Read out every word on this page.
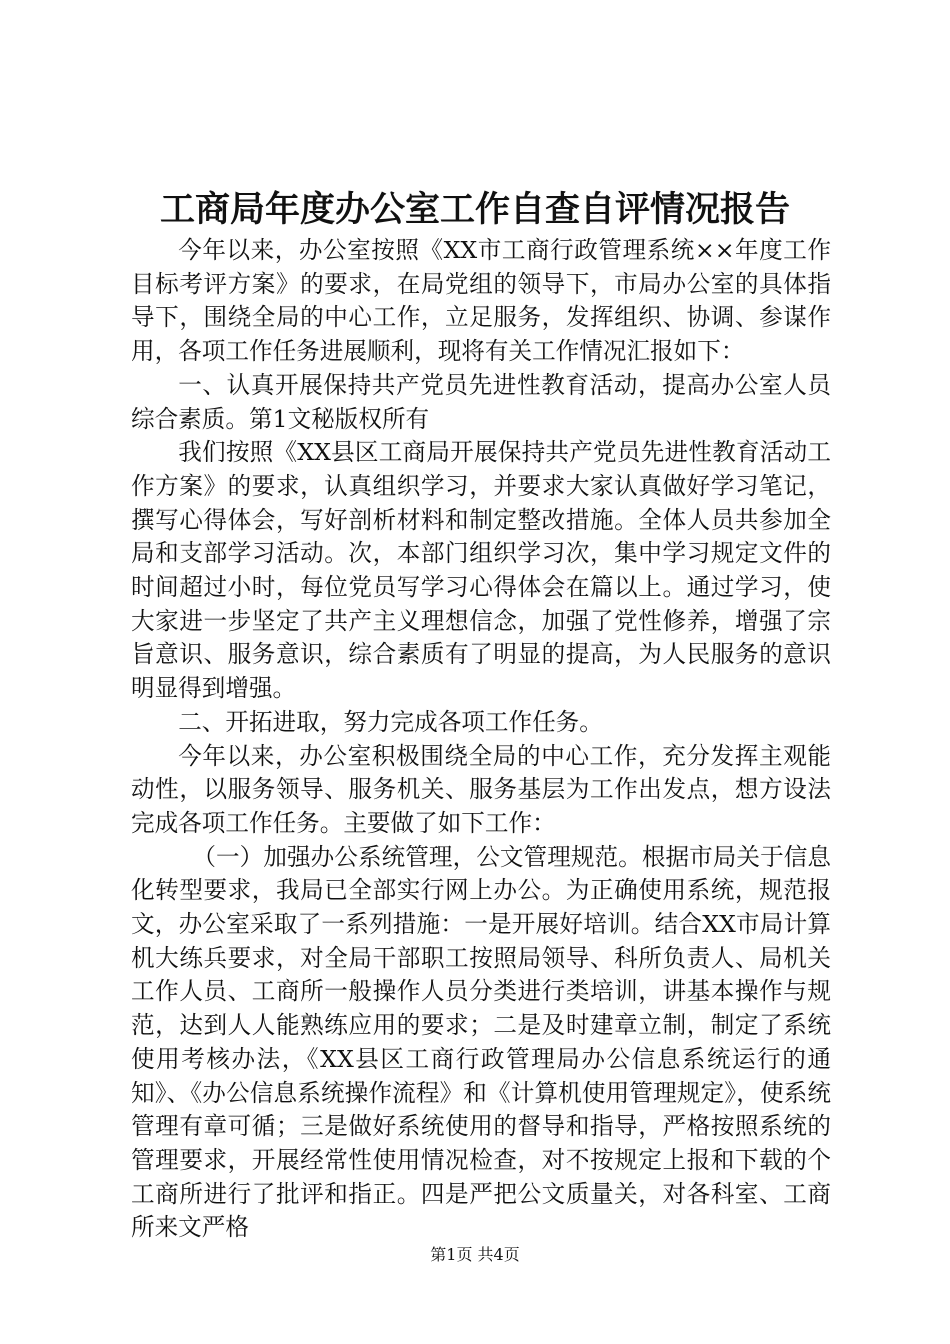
工商局年度办公室工作自查自评情况报告

今年以来，办公室按照《XX市工商行政管理系统××年度工作目标考评方案》的要求，在局党组的领导下，市局办公室的具体指导下，围绕全局的中心工作，立足服务，发挥组织、协调、参谋作用，各项工作任务进展顺利，现将有关工作情况汇报如下：

一、认真开展保持共产党员先进性教育活动，提高办公室人员综合素质。第1文秘版权所有

我们按照《XX县区工商局开展保持共产党员先进性教育活动工作方案》的要求，认真组织学习，并要求大家认真做好学习笔记，撰写心得体会，写好剖析材料和制定整改措施。全体人员共参加全局和支部学习活动。次，本部门组织学习次，集中学习规定文件的时间超过小时，每位党员写学习心得体会在篇以上。通过学习，使大家进一步坚定了共产主义理想信念，加强了党性修养，增强了宗旨意识、服务意识，综合素质有了明显的提高，为人民服务的意识明显得到增强。

二、开拓进取，努力完成各项工作任务。

今年以来，办公室积极围绕全局的中心工作，充分发挥主观能动性，以服务领导、服务机关、服务基层为工作出发点，想方设法完成各项工作任务。主要做了如下工作：

（一）加强办公系统管理，公文管理规范。根据市局关于信息化转型要求，我局已全部实行网上办公。为正确使用系统，规范报文，办公室采取了一系列措施：一是开展好培训。结合XX市局计算机大练兵要求，对全局干部职工按照局领导、科所负责人、局机关工作人员、工商所一般操作人员分类进行类培训，讲基本操作与规范，达到人人能熟练应用的要求；二是及时建章立制，制定了系统使用考核办法，《XX县区工商行政管理局办公信息系统运行的通知》、《办公信息系统操作流程》和《计算机使用管理规定》，使系统管理有章可循；三是做好系统使用的督导和指导，严格按照系统的管理要求，开展经常性使用情况检查，对不按规定上报和下载的个工商所进行了批评和指正。四是严把公文质量关，对各科室、工商所来文严格

第1页 共4页
